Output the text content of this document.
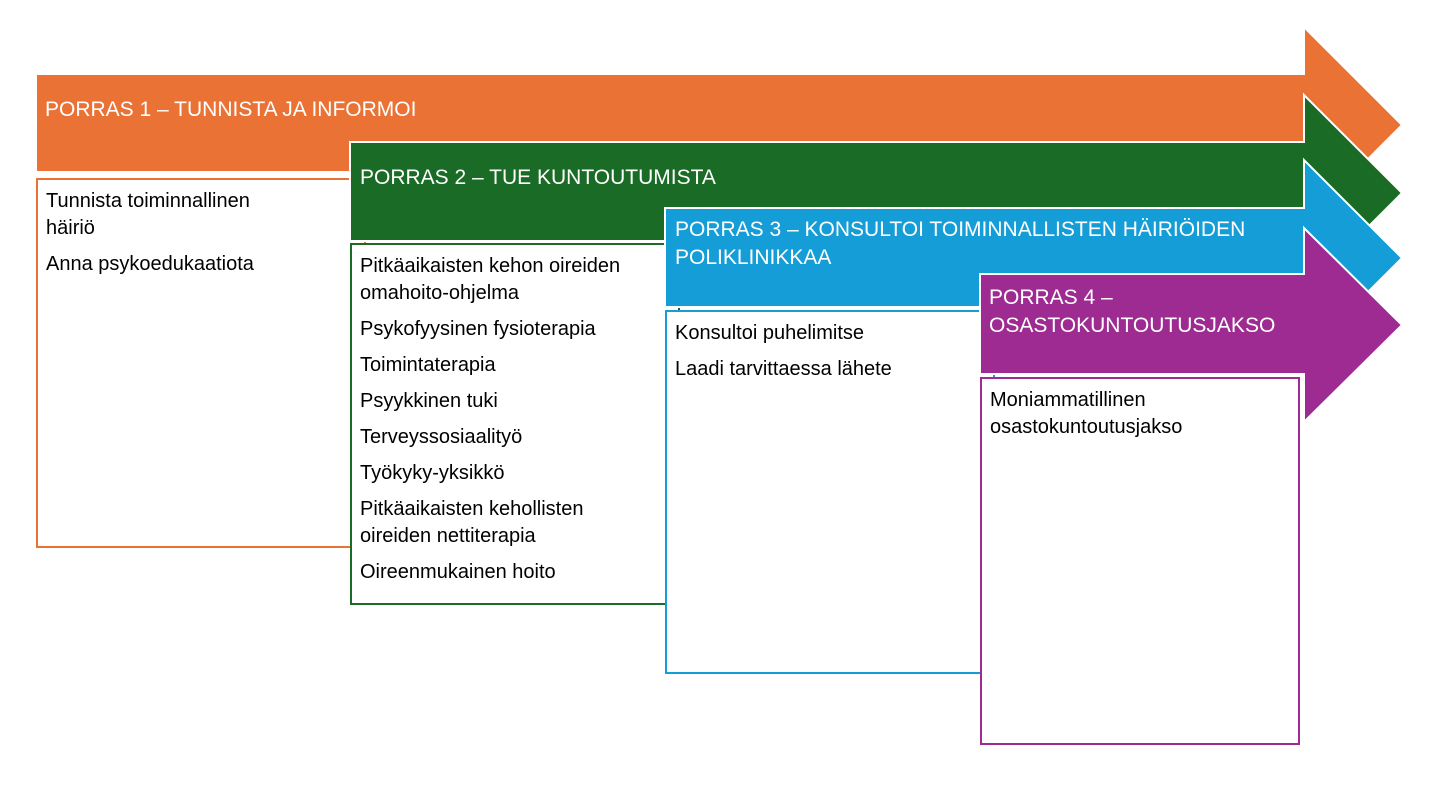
Tunnista toiminnallinen häiriö
Anna psykoedukaatiota	Pitkäaikaisten kehon oireiden omahoito-ohjelma
Psykofyysinen fysioterapia
Toimintaterapia
Psyykkinen tuki
Terveyssosiaalityö
Työkyky-yksikkö
Pitkäaikaisten kehollisten oireiden nettiterapia
Oireenmukainen hoito
Konsultoi puhelimitse
Laadi tarvittaessa lähete
Moniammatillinen osastokuntoutusjakso
PORRAS 1 – TUNNISTA JA INFORMOI
PORRAS 2 – TUE KUNTOUTUMISTA
PORRAS 3 – KONSULTOI TOIMINNALLISTEN HÄIRIÖIDEN
POLIKLINIKKAA
PORRAS 4 –
OSASTOKUNTOUTUSJAKSO
